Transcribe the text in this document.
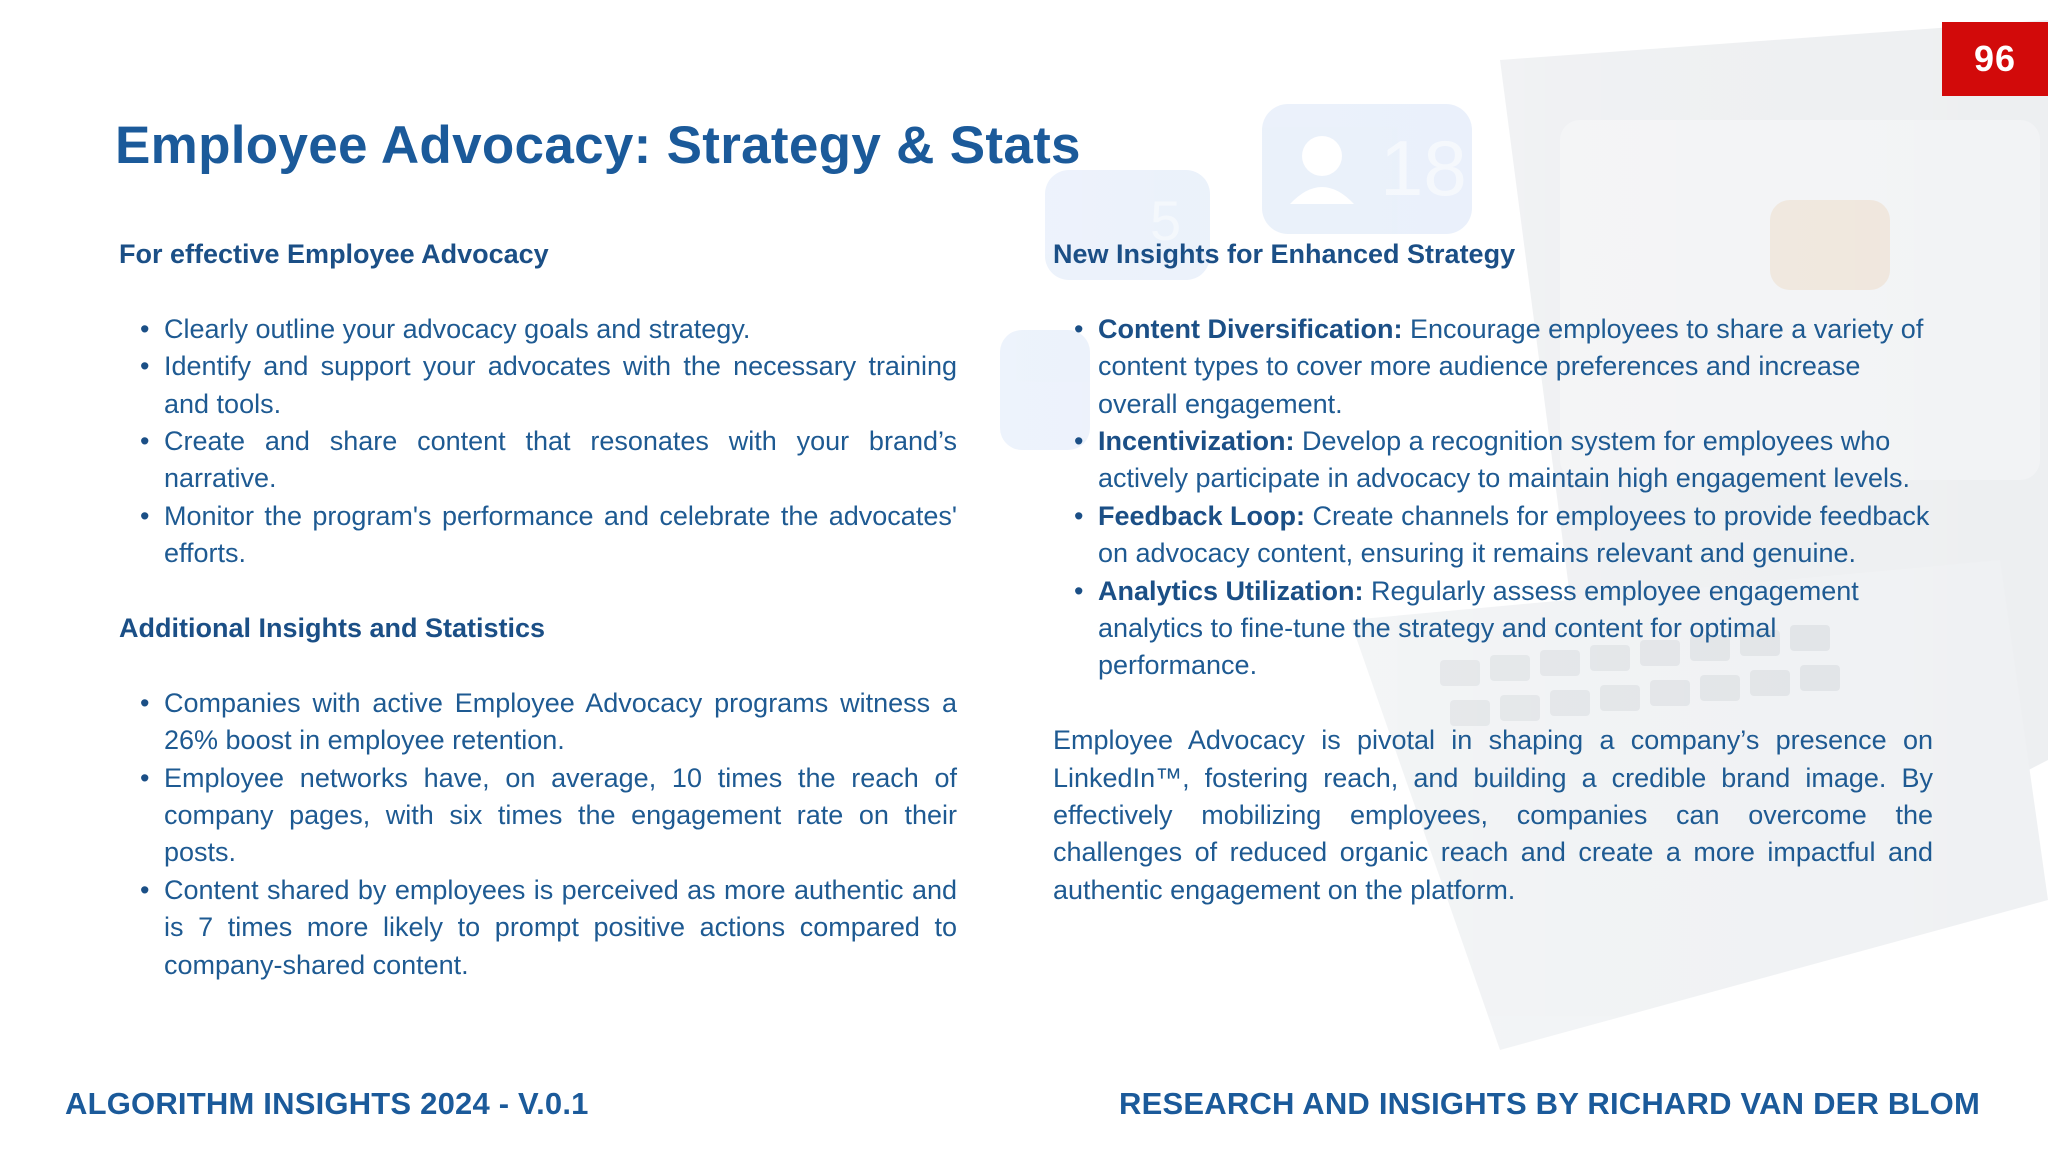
18
5
96
Employee Advocacy: Strategy & Stats

For effective Employee Advocacy

• Clearly outline your advocacy goals and strategy.
• Identify and support your advocates with the necessary training and tools.
• Create and share content that resonates with your brand’s narrative.
• Monitor the program's performance and celebrate the advocates' efforts.

Additional Insights and Statistics

• Companies with active Employee Advocacy programs witness a 26% boost in employee retention.
• Employee networks have, on average, 10 times the reach of company pages, with six times the engagement rate on their posts.
• Content shared by employees is perceived as more authentic and is 7 times more likely to prompt positive actions compared to company-shared content.

New Insights for Enhanced Strategy

• Content Diversification: Encourage employees to share a variety of content types to cover more audience preferences and increase overall engagement.
• Incentivization: Develop a recognition system for employees who actively participate in advocacy to maintain high engagement levels.
• Feedback Loop: Create channels for employees to provide feedback on advocacy content, ensuring it remains relevant and genuine.
• Analytics Utilization: Regularly assess employee engagement analytics to fine-tune the strategy and content for optimal performance.

Employee Advocacy is pivotal in shaping a company’s presence on LinkedIn™, fostering reach, and building a credible brand image. By effectively mobilizing employees, companies can overcome the challenges of reduced organic reach and create a more impactful and authentic engagement on the platform.

ALGORITHM INSIGHTS 2024 - V.0.1	RESEARCH AND INSIGHTS BY RICHARD VAN DER BLOM
